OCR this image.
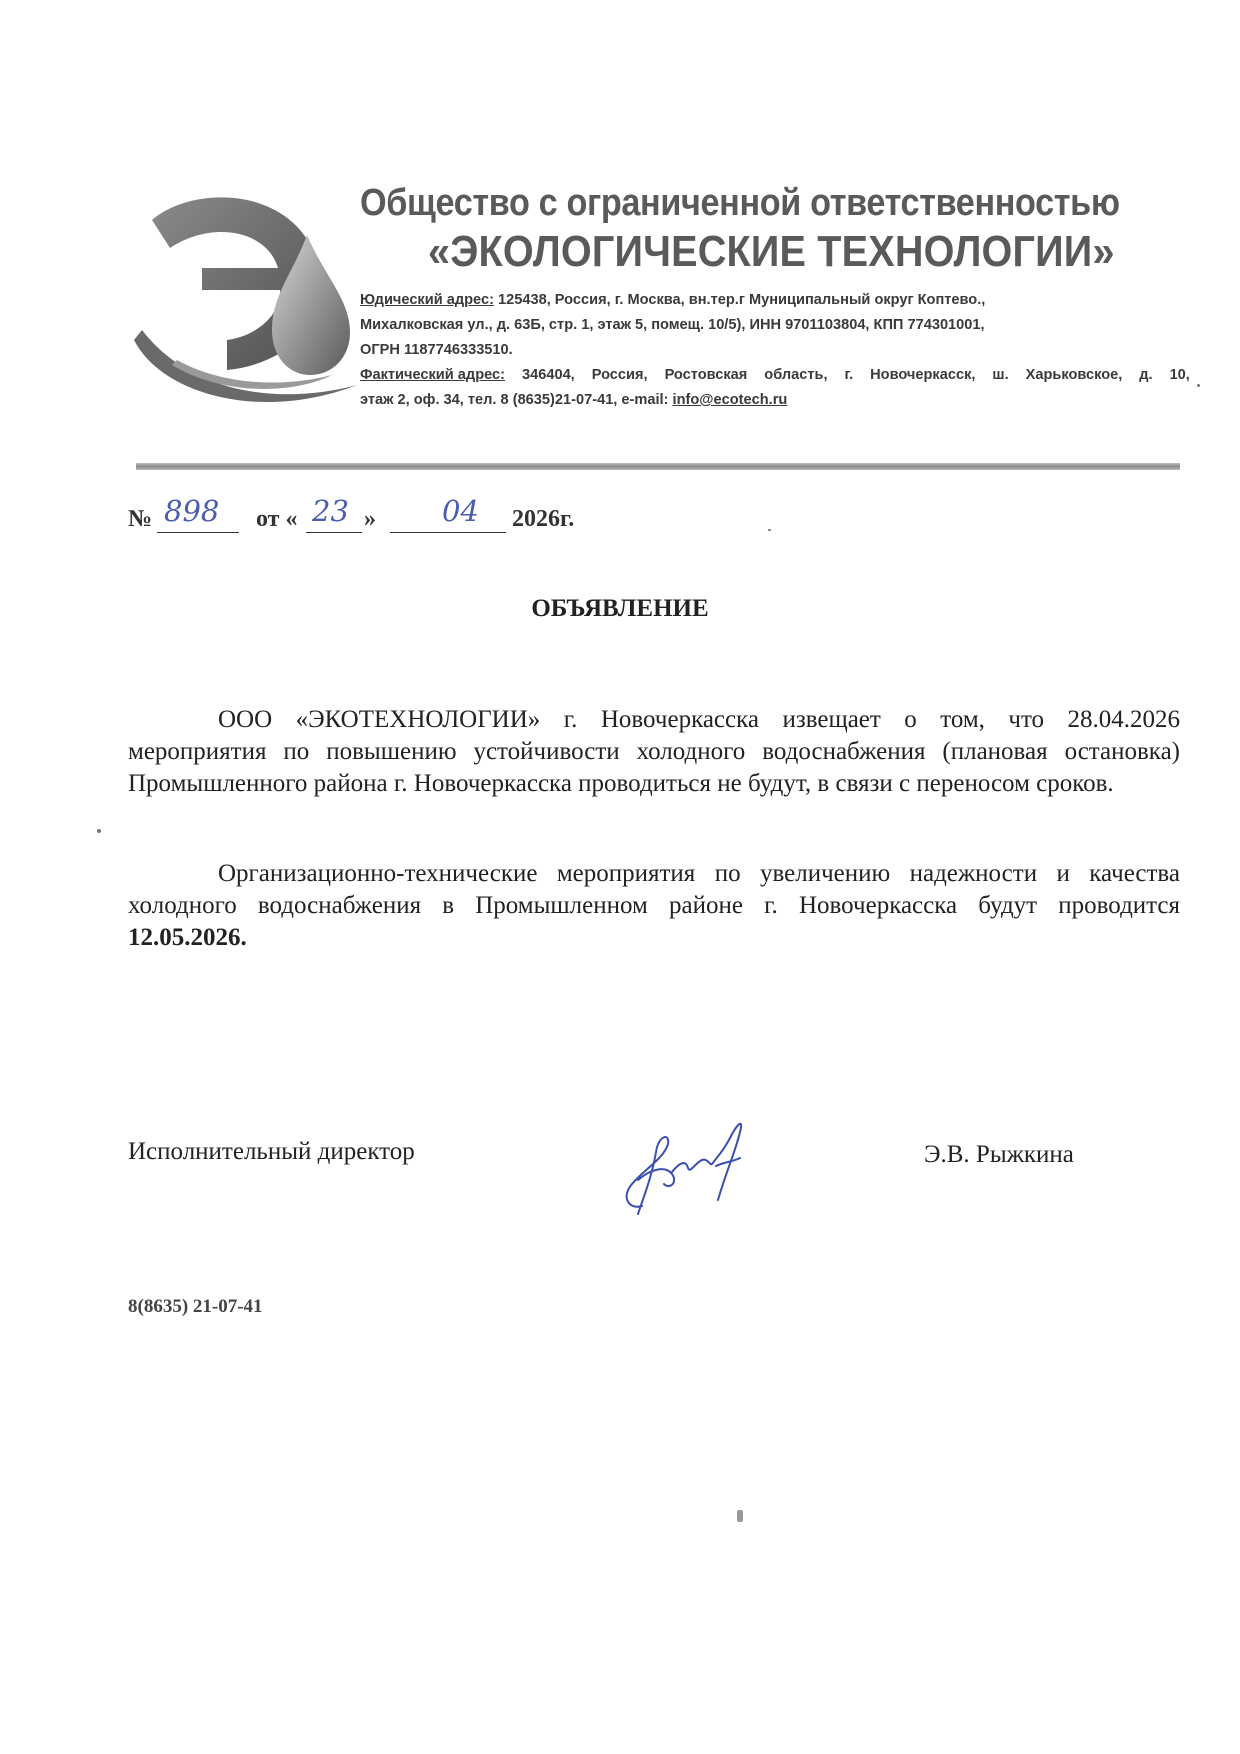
Общество с ограниченной ответственностью
«ЭКОЛОГИЧЕСКИЕ ТЕХНОЛОГИИ»
Юдический адрес: 125438, Россия, г. Москва, вн.тер.г Муниципальный округ Коптево.,
Михалковская ул., д. 63Б, стр. 1, этаж 5, помещ. 10/5), ИНН 9701103804, КПП 774301001,
ОГРН 1187746333510.
Фактический адрес: 346404, Россия, Ростовская область, г. Новочеркасск, ш. Харьковское, д. 10,
этаж 2, оф. 34, тел. 8 (8635)21-07-41, e-mail: info@ecotech.ru
№ 898 от « 23 » 04 2026г.
ОБЪЯВЛЕНИЕ

ООО «ЭКОТЕХНОЛОГИИ» г. Новочеркасска извещает о том, что 28.04.2026 мероприятия по повышению устойчивости холодного водоснабжения (плановая остановка) Промышленного района г. Новочеркасска проводиться не будут, в связи с переносом сроков.

Организационно-технические мероприятия по увеличению надежности и качества холодного водоснабжения в Промышленном районе г. Новочеркасска будут проводится 12.05.2026.

Исполнительный директор	Э.В. Рыжкина
8(8635) 21-07-41
